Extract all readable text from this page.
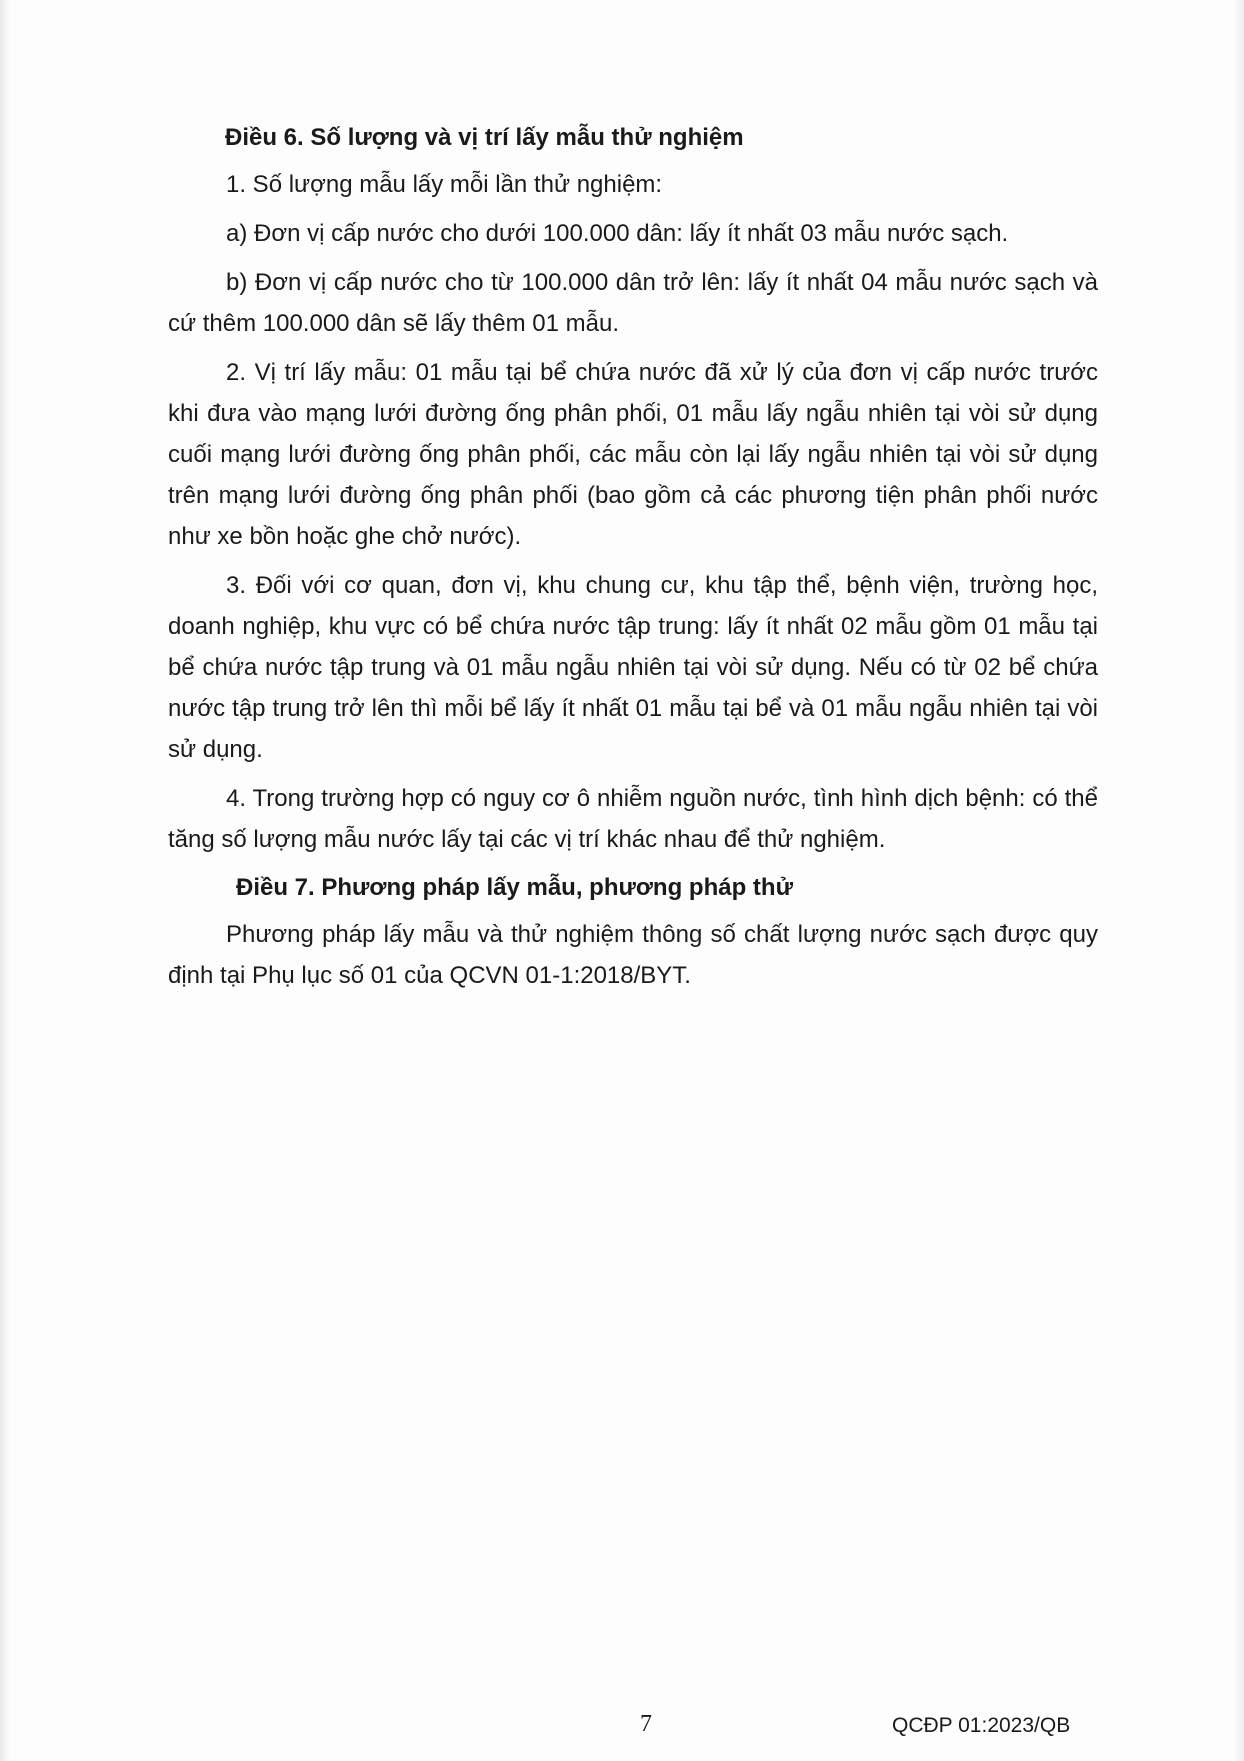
Điều 6. Số lượng và vị trí lấy mẫu thử nghiệm

1. Số lượng mẫu lấy mỗi lần thử nghiệm:

a) Đơn vị cấp nước cho dưới 100.000 dân: lấy ít nhất 03 mẫu nước sạch.

b) Đơn vị cấp nước cho từ 100.000 dân trở lên: lấy ít nhất 04 mẫu nước sạch và cứ thêm 100.000 dân sẽ lấy thêm 01 mẫu.

2. Vị trí lấy mẫu: 01 mẫu tại bể chứa nước đã xử lý của đơn vị cấp nước trước khi đưa vào mạng lưới đường ống phân phối, 01 mẫu lấy ngẫu nhiên tại vòi sử dụng cuối mạng lưới đường ống phân phối, các mẫu còn lại lấy ngẫu nhiên tại vòi sử dụng trên mạng lưới đường ống phân phối (bao gồm cả các phương tiện phân phối nước như xe bồn hoặc ghe chở nước).

3. Đối với cơ quan, đơn vị, khu chung cư, khu tập thể, bệnh viện, trường học, doanh nghiệp, khu vực có bể chứa nước tập trung: lấy ít nhất 02 mẫu gồm 01 mẫu tại bể chứa nước tập trung và 01 mẫu ngẫu nhiên tại vòi sử dụng. Nếu có từ 02 bể chứa nước tập trung trở lên thì mỗi bể lấy ít nhất 01 mẫu tại bể và 01 mẫu ngẫu nhiên tại vòi sử dụng.

4. Trong trường hợp có nguy cơ ô nhiễm nguồn nước, tình hình dịch bệnh: có thể tăng số lượng mẫu nước lấy tại các vị trí khác nhau để thử nghiệm.

Điều 7. Phương pháp lấy mẫu, phương pháp thử

Phương pháp lấy mẫu và thử nghiệm thông số chất lượng nước sạch được quy định tại Phụ lục số 01 của QCVN 01-1:2018/BYT.

7	QCĐP 01:2023/QB
